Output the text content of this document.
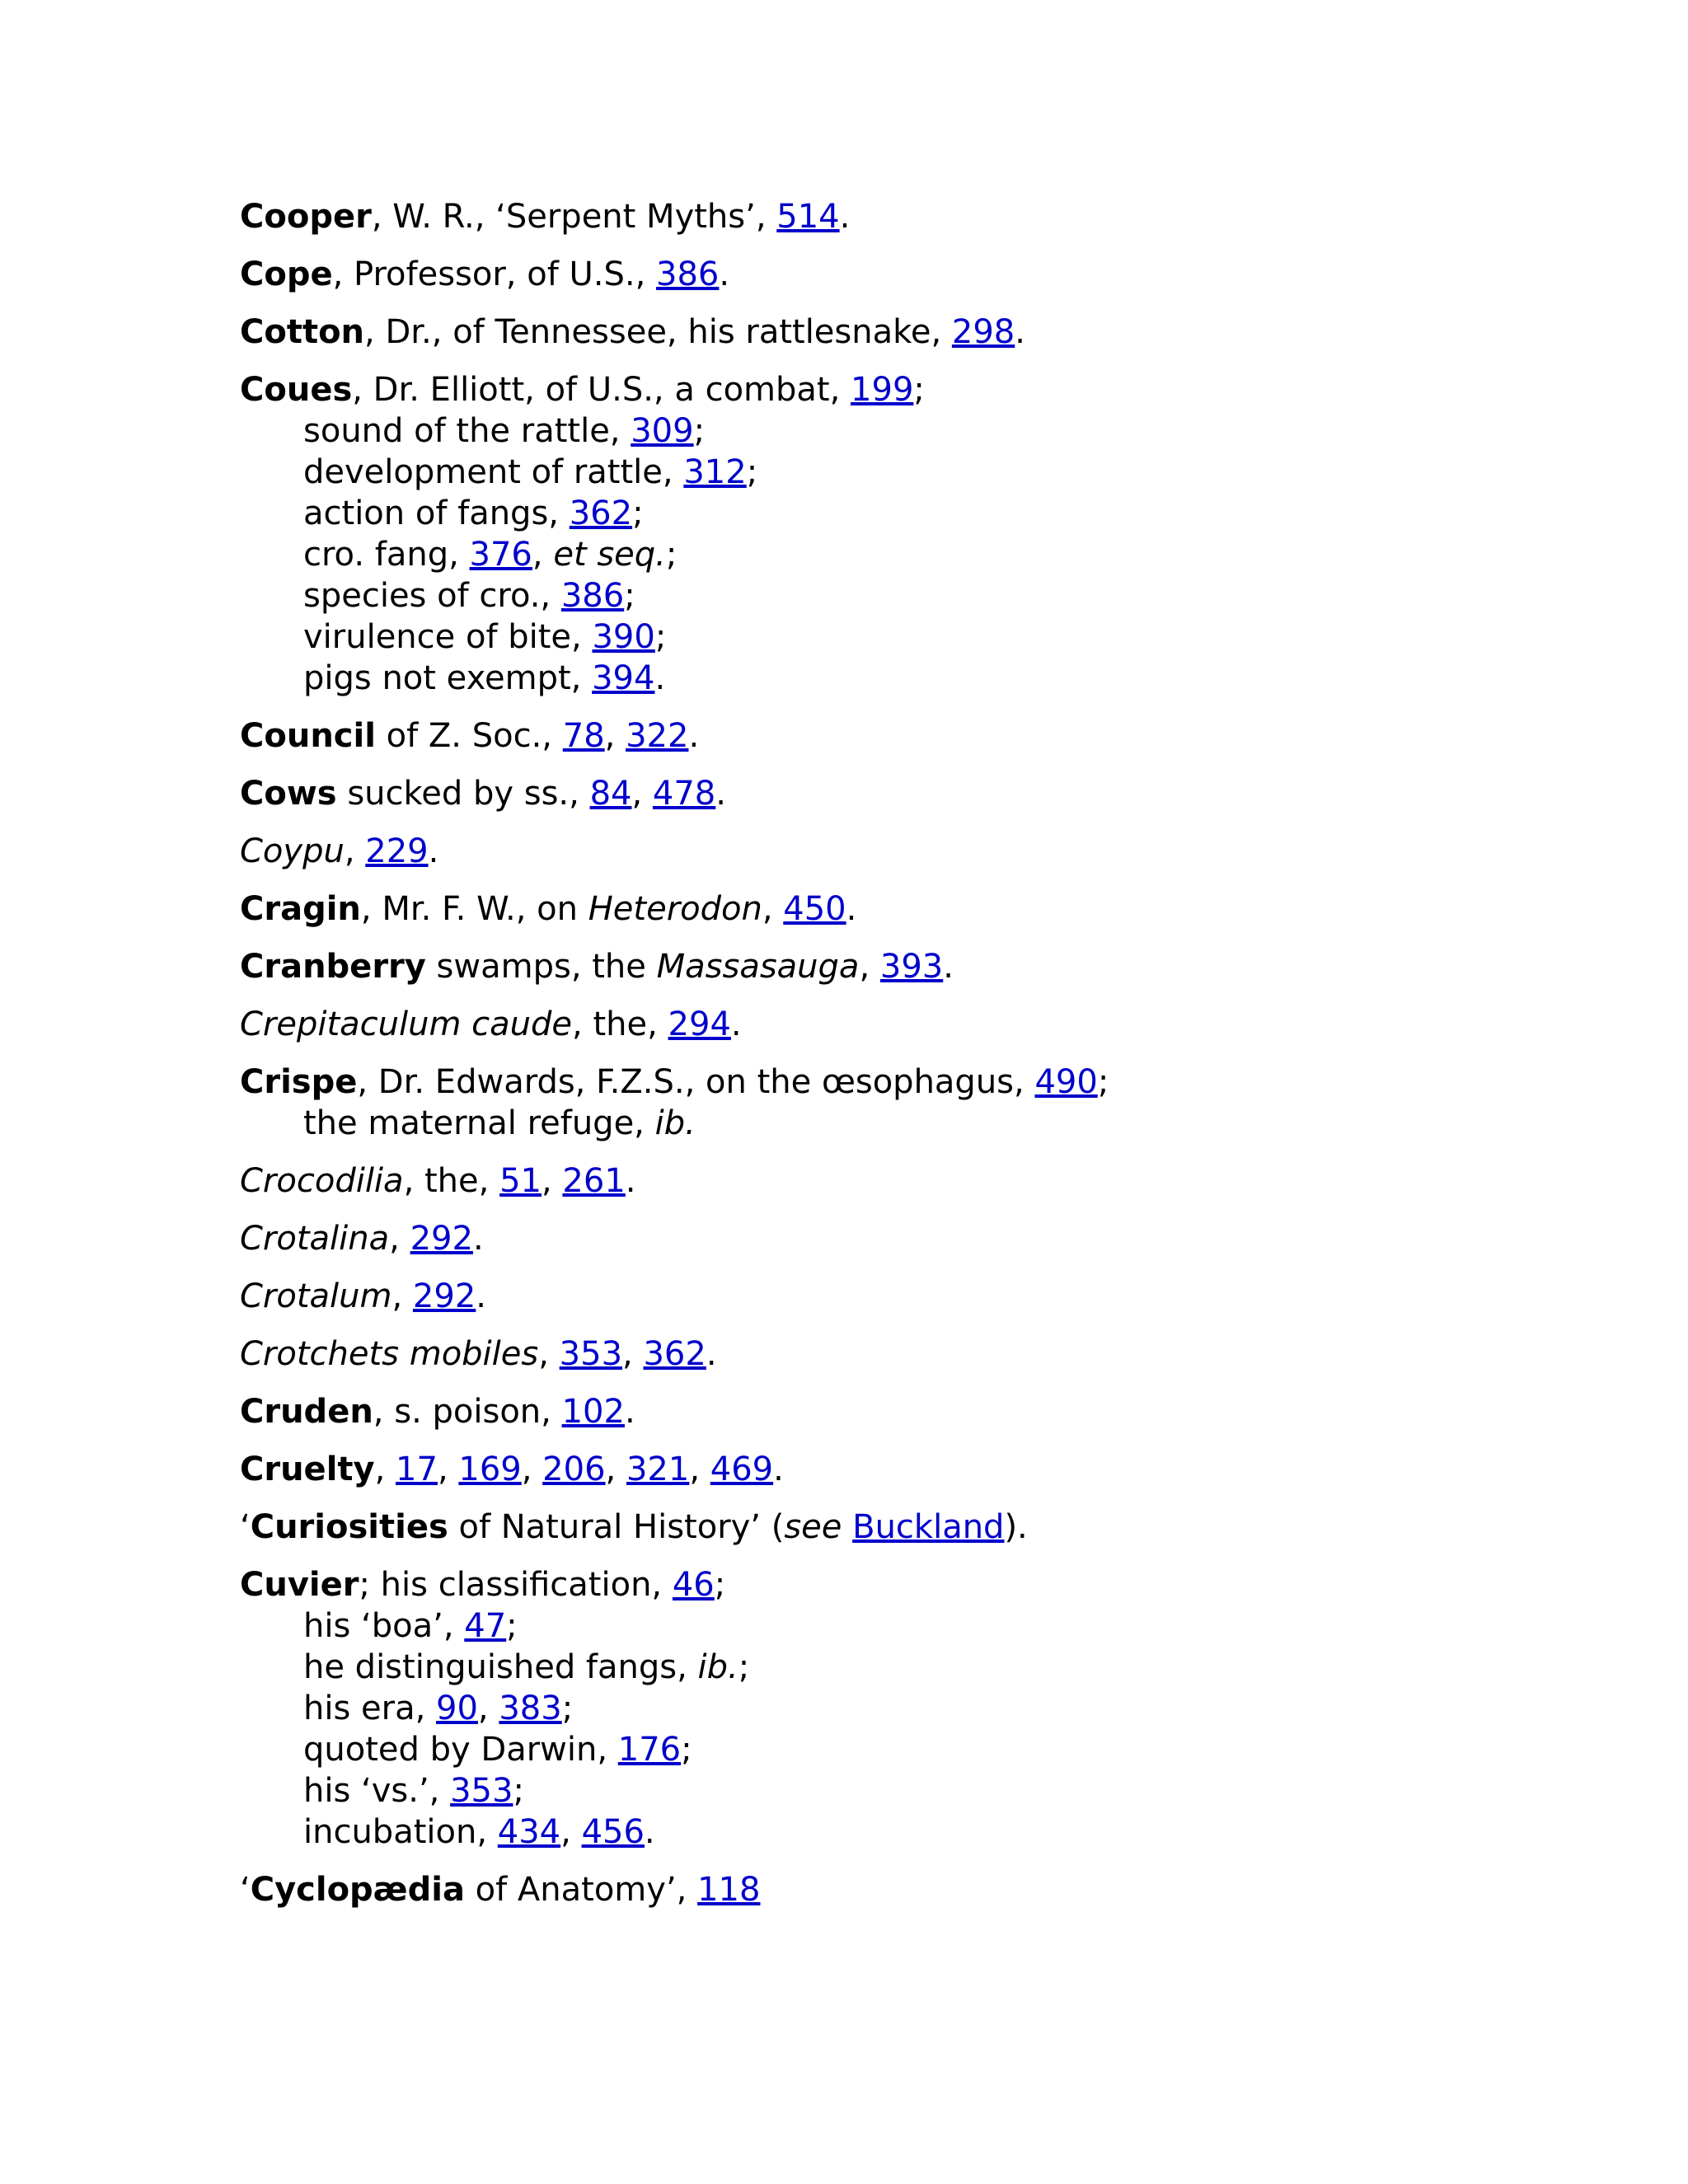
Cooper, W. R., ‘Serpent Myths’, 514.
Cope, Professor, of U.S., 386.
Cotton, Dr., of Tennessee, his rattlesnake, 298.
Coues, Dr. Elliott, of U.S., a combat, 199;
sound of the rattle, 309;
development of rattle, 312;
action of fangs, 362;
cro. fang, 376, et seq.;
species of cro., 386;
virulence of bite, 390;
pigs not exempt, 394.
Council of Z. Soc., 78, 322.
Cows sucked by ss., 84, 478.
Coypu, 229.
Cragin, Mr. F. W., on Heterodon, 450.
Cranberry swamps, the Massasauga, 393.
Crepitaculum caude, the, 294.
Crispe, Dr. Edwards, F.Z.S., on the œsophagus, 490;
the maternal refuge, ib.
Crocodilia, the, 51, 261.
Crotalina, 292.
Crotalum, 292.
Crotchets mobiles, 353, 362.
Cruden, s. poison, 102.
Cruelty, 17, 169, 206, 321, 469.
‘Curiosities of Natural History’ (see Buckland).
Cuvier; his classification, 46;
his ‘boa’, 47;
he distinguished fangs, ib.;
his era, 90, 383;
quoted by Darwin, 176;
his ‘vs.’, 353;
incubation, 434, 456.
‘Cyclopædia of Anatomy’, 118
